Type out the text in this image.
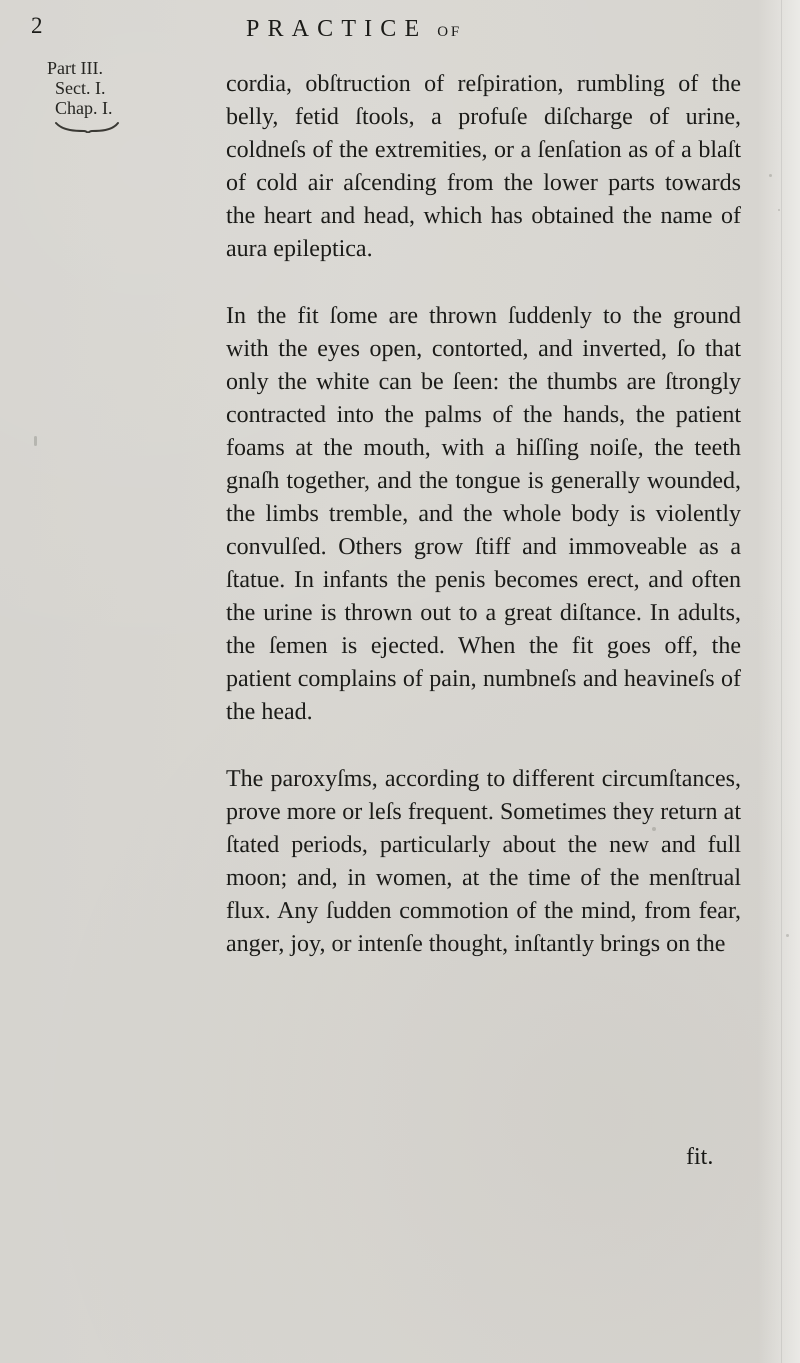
2	PRACTICE OF
Part III.
Sect. I.
Chap. I.

cordia, obſtruction of reſpiration, rumbling of the belly, fetid ſtools, a profuſe diſcharge of urine, coldneſs of the extremities, or a ſenſation as of a blaſt of cold air aſcending from the lower parts towards the heart and head, which has obtained the name of aura epileptica.

In the fit ſome are thrown ſuddenly to the ground with the eyes open, contorted, and inverted, ſo that only the white can be ſeen: the thumbs are ſtrongly contracted into the palms of the hands, the patient foams at the mouth, with a hiſſing noiſe, the teeth gnaſh together, and the tongue is generally wounded, the limbs tremble, and the whole body is violently convulſed. Others grow ſtiff and immoveable as a ſtatue. In infants the penis becomes erect, and often the urine is thrown out to a great diſtance. In adults, the ſemen is ejected. When the fit goes off, the patient complains of pain, numbneſs and heavineſs of the head.

The paroxyſms, according to different circumſtances, prove more or leſs frequent. Sometimes they return at ſtated periods, particularly about the new and full moon; and, in women, at the time of the menſtrual flux. Any ſudden commotion of the mind, from fear, anger, joy, or intenſe thought, inſtantly brings on the

fit.
